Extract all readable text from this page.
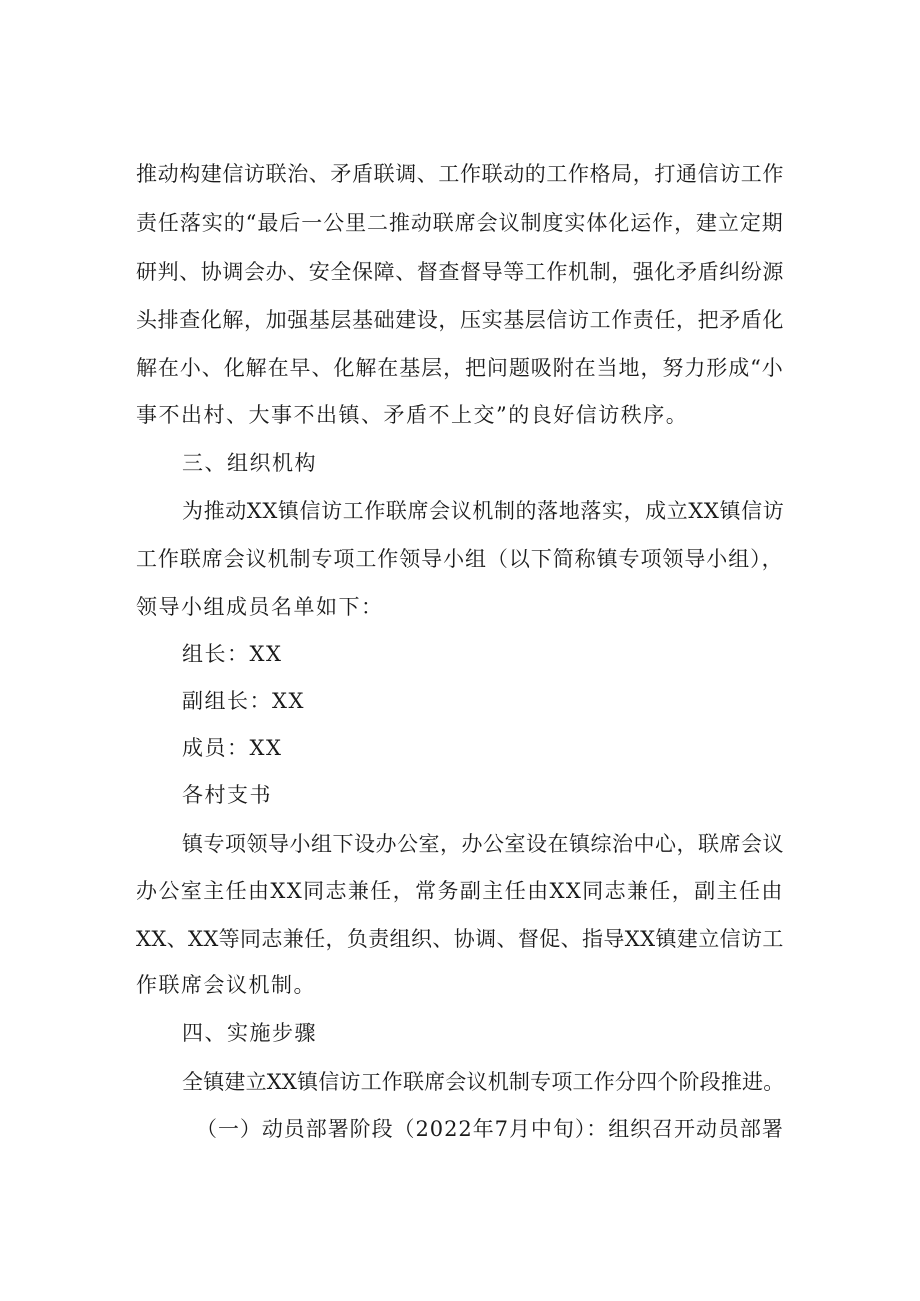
推动构建信访联治、矛盾联调、工作联动的工作格局，打通信访工作
责任落实的“最后一公里二推动联席会议制度实体化运作，建立定期
研判、协调会办、安全保障、督查督导等工作机制，强化矛盾纠纷源
头排查化解，加强基层基础建设，压实基层信访工作责任，把矛盾化
解在小、化解在早、化解在基层，把问题吸附在当地，努力形成“小
事不出村、大事不出镇、矛盾不上交”的良好信访秩序。
三、组织机构
为推动XX镇信访工作联席会议机制的落地落实，成立XX镇信访
工作联席会议机制专项工作领导小组（以下简称镇专项领导小组），
领导小组成员名单如下：
组长：XX
副组长：XX
成员：XX
各村支书
镇专项领导小组下设办公室，办公室设在镇综治中心，联席会议
办公室主任由XX同志兼任，常务副主任由XX同志兼任，副主任由
XX、XX等同志兼任，负责组织、协调、督促、指导XX镇建立信访工
作联席会议机制。
四、实施步骤
全镇建立XX镇信访工作联席会议机制专项工作分四个阶段推进。
（一）动员部署阶段（2022年7月中旬）：组织召开动员部署
